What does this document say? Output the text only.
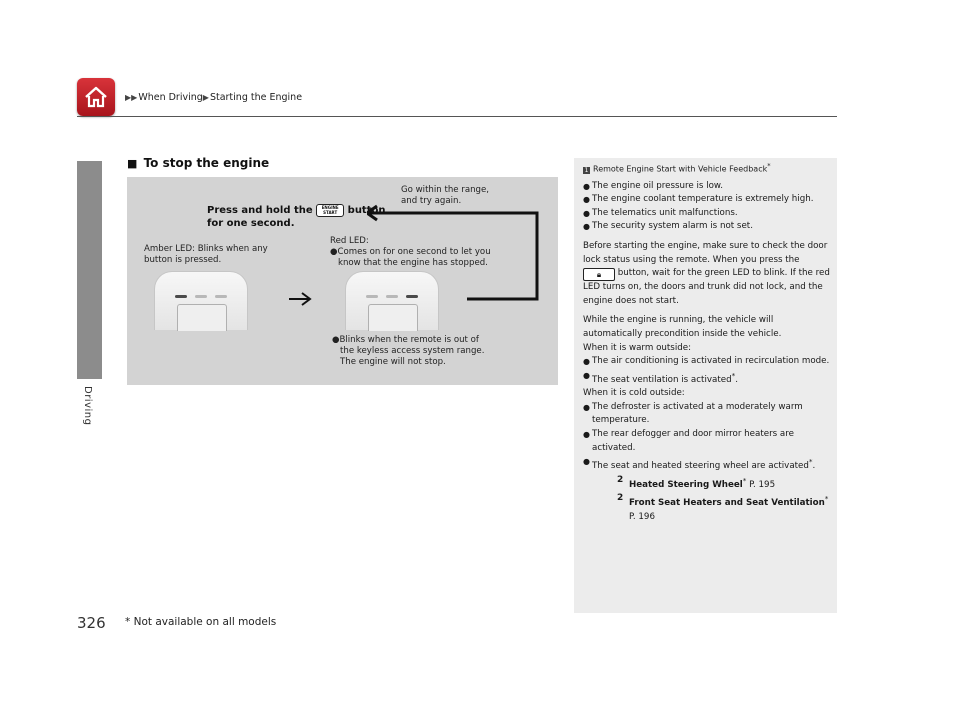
▶▶When Driving▶Starting the Engine
Driving
■ To stop the engine
Press and hold the ENGINE START button
for one second.
Go within the range,
and try again.
Amber LED: Blinks when any
button is pressed.
Red LED:
●Comes on for one second to let you
know that the engine has stopped.
●Blinks when the remote is out of
the keyless access system range.
The engine will not stop.
1 Remote Engine Start with Vehicle Feedback*
● The engine oil pressure is low.
● The engine coolant temperature is extremely high.
● The telematics unit malfunctions.
● The security system alarm is not set.
Before starting the engine, make sure to check the door lock status using the remote. When you press the 🔒︎ button, wait for the green LED to blink. If the red LED turns on, the doors and trunk did not lock, and the engine does not start.
While the engine is running, the vehicle will automatically precondition inside the vehicle.
When it is warm outside:
● The air conditioning is activated in recirculation mode.
● The seat ventilation is activated*.
When it is cold outside:
● The defroster is activated at a moderately warm temperature.
● The rear defogger and door mirror heaters are activated.
● The seat and heated steering wheel are activated*.
2 Heated Steering Wheel* P. 195
2 Front Seat Heaters and Seat Ventilation* P. 196
326 * Not available on all models
